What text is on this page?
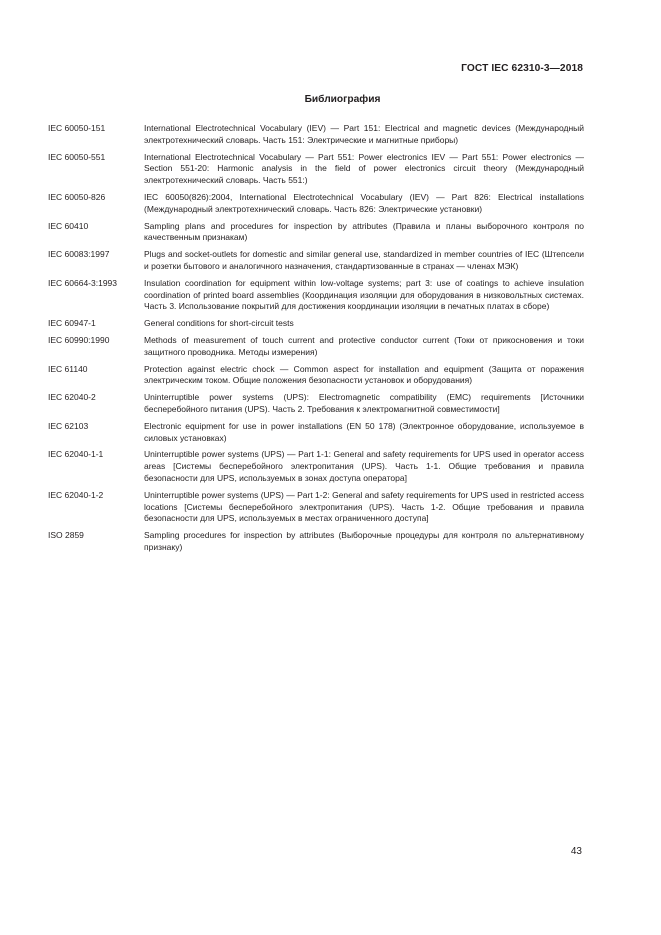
ГОСТ IEC 62310-3—2018
Библиография
IEC 60050-151	International Electrotechnical Vocabulary (IEV) — Part 151: Electrical and magnetic devices (Международный электротехнический словарь. Часть 151: Электрические и магнитные приборы)
IEC 60050-551	International Electrotechnical Vocabulary — Part 551: Power electronics IEV — Part 551: Power electronics — Section 551-20: Harmonic analysis in the field of power electronics circuit theory (Международный электротехнический словарь. Часть 551:)
IEC 60050-826	IEC 60050(826):2004, International Electrotechnical Vocabulary (IEV) — Part 826: Electrical installations (Международный электротехнический словарь. Часть 826: Электрические установки)
IEC 60410	Sampling plans and procedures for inspection by attributes (Правила и планы выборочного контроля по качественным признакам)
IEC 60083:1997	Plugs and socket-outlets for domestic and similar general use, standardized in member countries of IEC (Штепсели и розетки бытового и аналогичного назначения, стандартизованные в странах — членах МЭК)
IEC 60664-3:1993	Insulation coordination for equipment within low-voltage systems; part 3: use of coatings to achieve insulation coordination of printed board assemblies (Координация изоляции для оборудования в низковольтных системах. Часть 3. Использование покрытий для достижения координации изоляции в печатных платах в сборе)
IEC 60947-1	General conditions for short-circuit tests
IEC 60990:1990	Methods of measurement of touch current and protective conductor current (Токи от прикосновения и токи защитного проводника. Методы измерения)
IEC 61140	Protection against electric chock — Common aspect for installation and equipment (Защита от поражения электрическим током. Общие положения безопасности установок и оборудования)
IEC 62040-2	Uninterruptible power systems (UPS): Electromagnetic compatibility (EMC) requirements [Источники бесперебойного питания (UPS). Часть 2. Требования к электромагнитной совместимости]
IEC 62103	Electronic equipment for use in power installations (EN 50 178) (Электронное оборудование, используемое в силовых установках)
IEC 62040-1-1	Uninterruptible power systems (UPS) — Part 1-1: General and safety requirements for UPS used in operator access areas [Системы бесперебойного электропитания (UPS). Часть 1-1. Общие требования и правила безопасности для UPS, используемых в зонах доступа оператора]
IEC 62040-1-2	Uninterruptible power systems (UPS) — Part 1-2: General and safety requirements for UPS used in restricted access locations [Системы бесперебойного электропитания (UPS). Часть 1-2. Общие требования и правила безопасности для UPS, используемых в местах ограниченного доступа]
ISO 2859	Sampling procedures for inspection by attributes (Выборочные процедуры для контроля по альтернативному признаку)
43
